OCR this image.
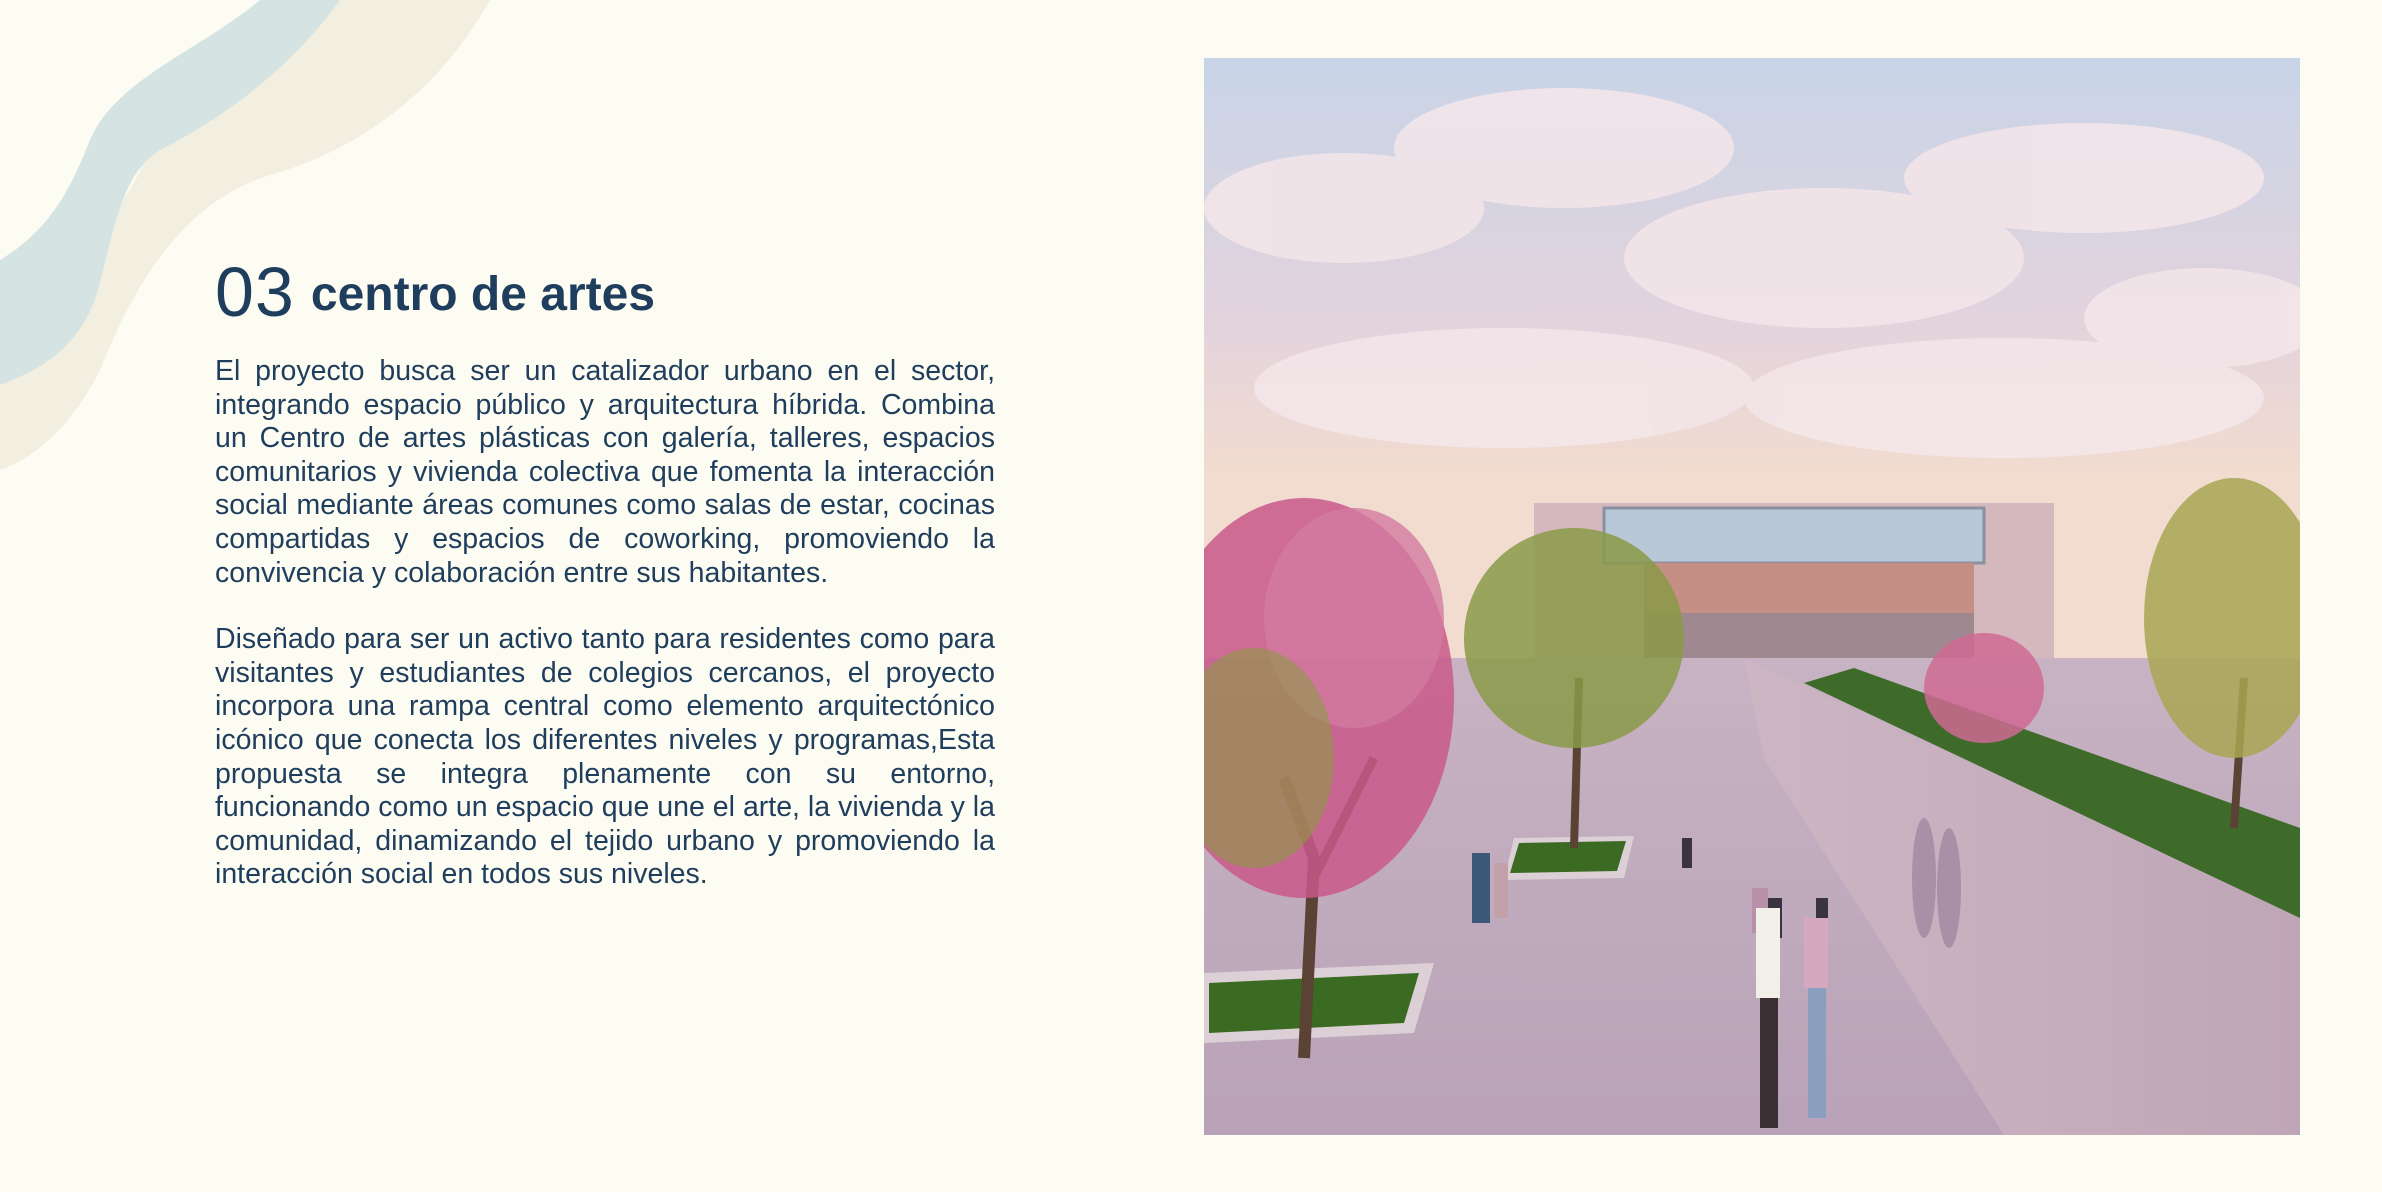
03 centro de artes

El proyecto busca ser un catalizador urbano en el sector, integrando espacio público y arquitectura híbrida. Combina un Centro de artes plásticas con galería, talleres, espacios comunitarios y vivienda colectiva que fomenta la interacción social mediante áreas comunes como salas de estar, cocinas compartidas y espacios de coworking, promoviendo la convivencia y colaboración entre sus habitantes.

Diseñado para ser un activo tanto para residentes como para visitantes y estudiantes de colegios cercanos, el proyecto incorpora una rampa central como elemento arquitectónico icónico que conecta los diferentes niveles y programas,Esta propuesta se integra plenamente con su entorno, funcionando como un espacio que une el arte, la vivienda y la comunidad, dinamizando el tejido urbano y promoviendo la interacción social en todos sus niveles.
